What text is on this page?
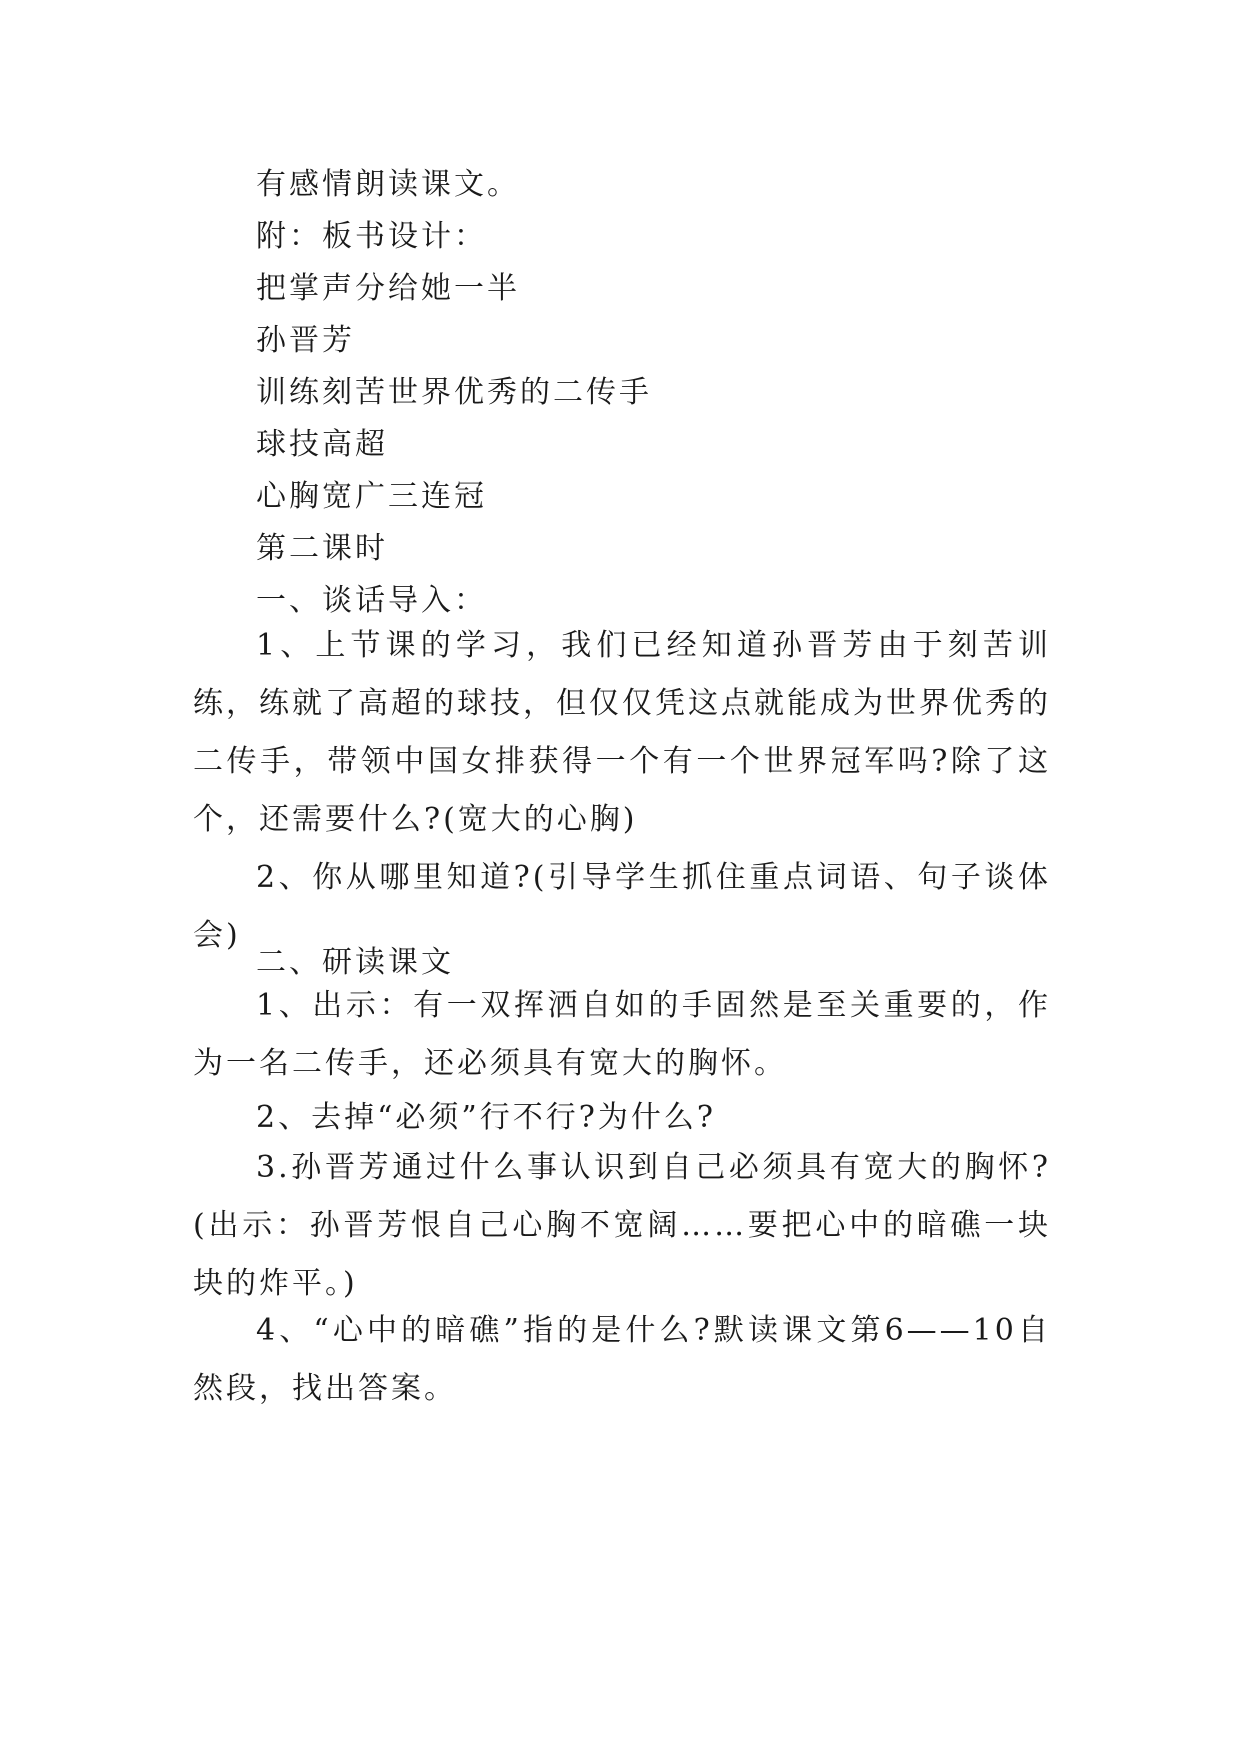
有感情朗读课文。

附：板书设计：

把掌声分给她一半

孙晋芳

训练刻苦世界优秀的二传手

球技高超

心胸宽广三连冠

第二课时

一、谈话导入：

1、上节课的学习，我们已经知道孙晋芳由于刻苦训练，练就了高超的球技，但仅仅凭这点就能成为世界优秀的二传手，带领中国女排获得一个有一个世界冠军吗?除了这个，还需要什么?(宽大的心胸)

2、你从哪里知道?(引导学生抓住重点词语、句子谈体会)

二、研读课文

1、出示：有一双挥洒自如的手固然是至关重要的，作为一名二传手，还必须具有宽大的胸怀。

2、去掉“必须”行不行?为什么?

3.孙晋芳通过什么事认识到自己必须具有宽大的胸怀?(出示：孙晋芳恨自己心胸不宽阔……要把心中的暗礁一块块的炸平。)

4、“心中的暗礁”指的是什么?默读课文第6——10自然段，找出答案。
